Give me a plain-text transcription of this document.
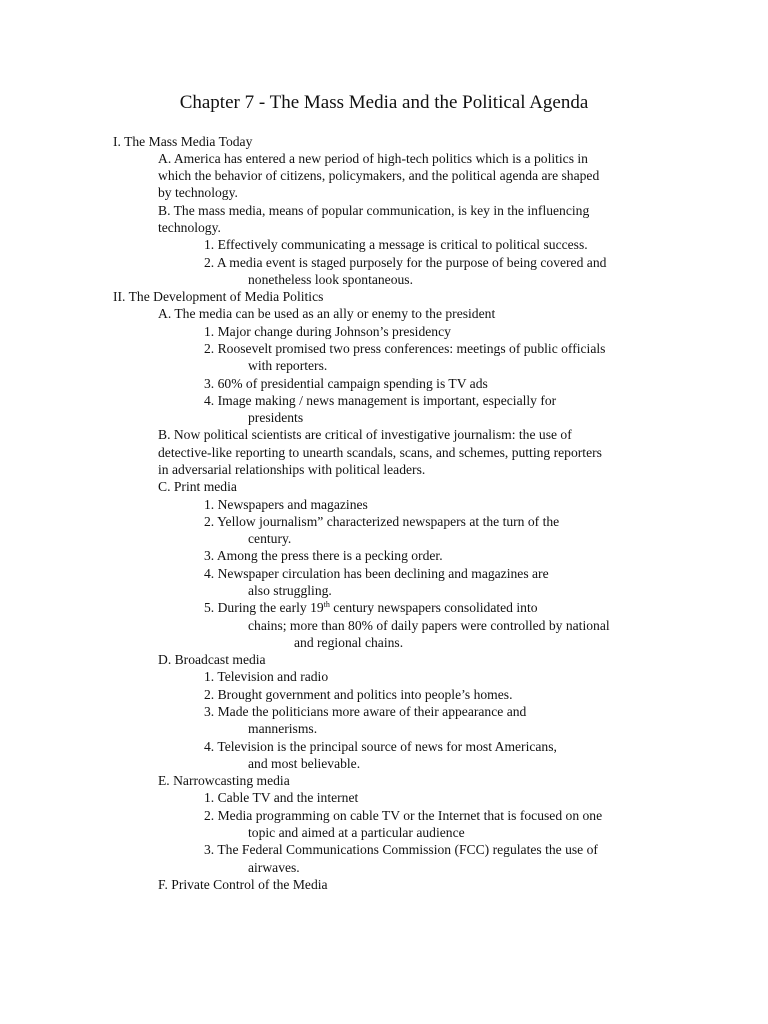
Chapter 7 - The Mass Media and the Political Agenda
I. The Mass Media Today
A. America has entered a new period of high-tech politics which is a politics in
which the behavior of citizens, policymakers, and the political agenda are shaped
by technology.
B. The mass media, means of popular communication, is key in the influencing
technology.
1. Effectively communicating a message is critical to political success.
2. A media event is staged purposely for the purpose of being covered and
nonetheless look spontaneous.
II. The Development of Media Politics
A. The media can be used as an ally or enemy to the president
1. Major change during Johnson’s presidency
2. Roosevelt promised two press conferences: meetings of public officials
with reporters.
3. 60% of presidential campaign spending is TV ads
4. Image making / news management is important, especially for
presidents
B. Now political scientists are critical of investigative journalism: the use of
detective-like reporting to unearth scandals, scans, and schemes, putting reporters
in adversarial relationships with political leaders.
C. Print media
1. Newspapers and magazines
2. Yellow journalism” characterized newspapers at the turn of the
century.
3. Among the press there is a pecking order.
4. Newspaper circulation has been declining and magazines are
also struggling.
5. During the early 19th century newspapers consolidated into
chains; more than 80% of daily papers were controlled by national
and regional chains.
D. Broadcast media
1. Television and radio
2. Brought government and politics into people’s homes.
3. Made the politicians more aware of their appearance and
mannerisms.
4. Television is the principal source of news for most Americans,
and most believable.
E. Narrowcasting media
1. Cable TV and the internet
2. Media programming on cable TV or the Internet that is focused on one
topic and aimed at a particular audience
3. The Federal Communications Commission (FCC) regulates the use of
airwaves.
F. Private Control of the Media
